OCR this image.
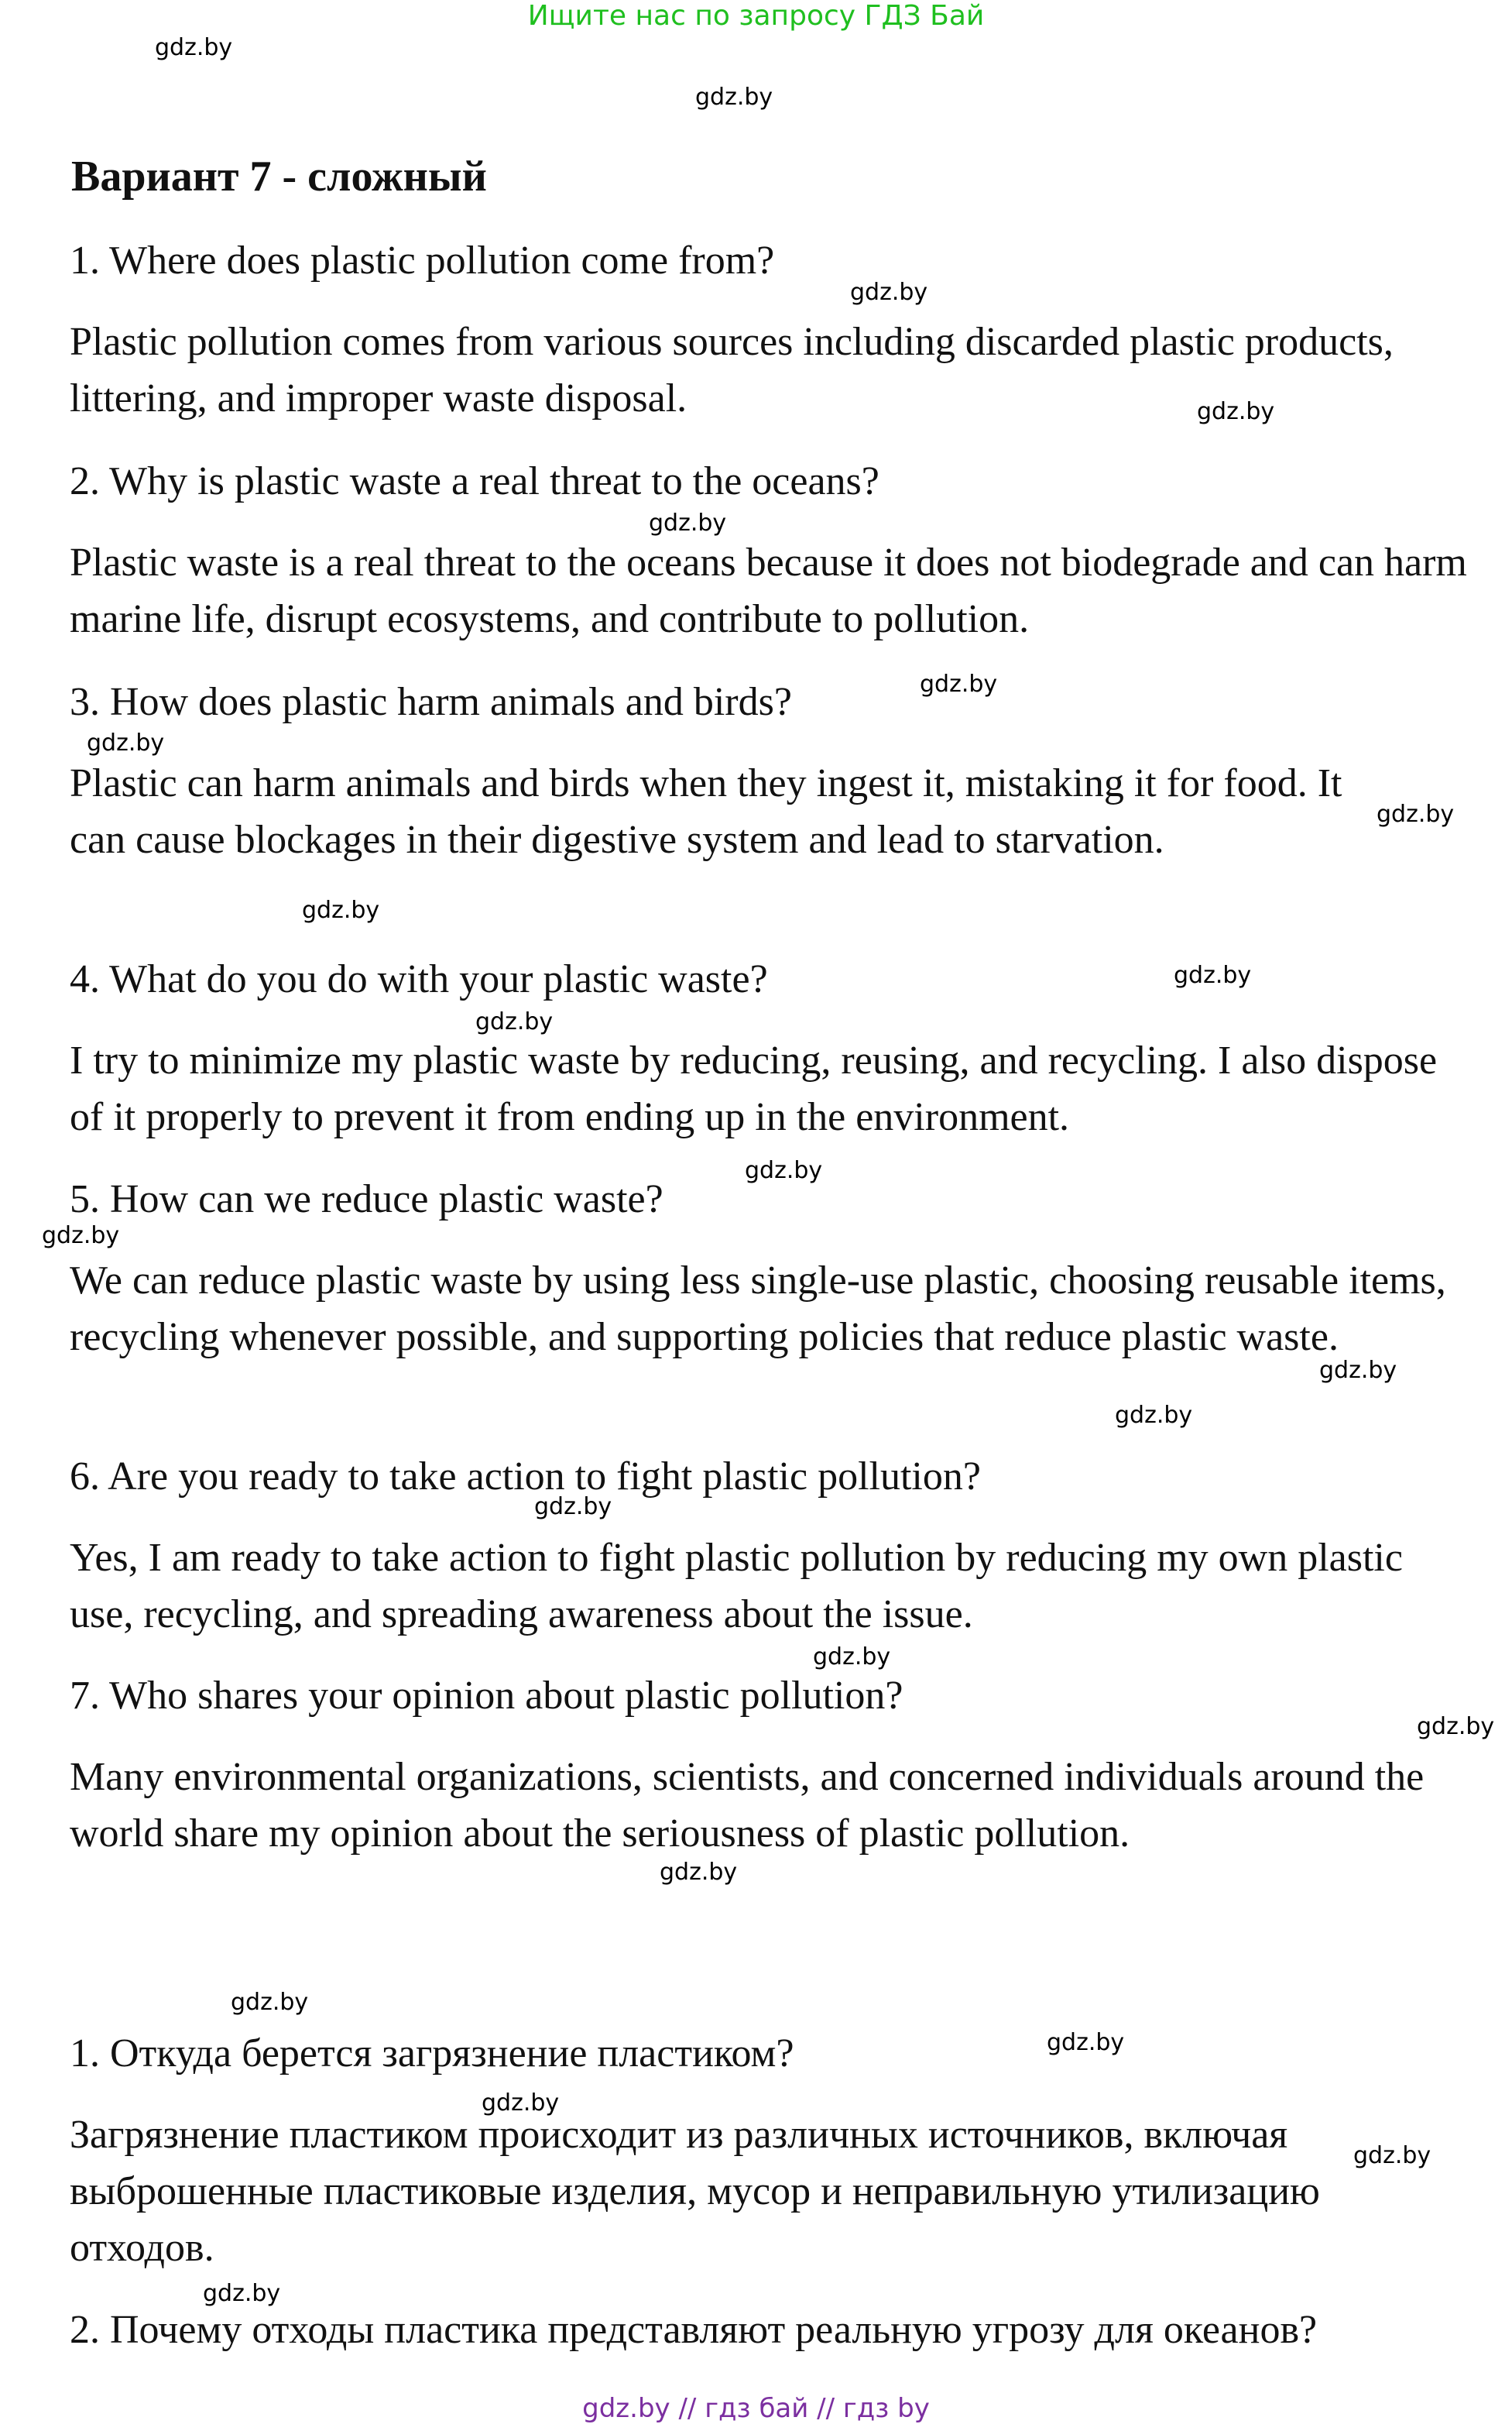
Ищите нас по запросу ГДЗ Бай
Вариант 7 - сложный
1. Where does plastic pollution come from?
Plastic pollution comes from various sources including discarded plastic products, littering, and improper waste disposal.
2. Why is plastic waste a real threat to the oceans?
Plastic waste is a real threat to the oceans because it does not biodegrade and can harm marine life, disrupt ecosystems, and contribute to pollution.
3. How does plastic harm animals and birds?
Plastic can harm animals and birds when they ingest it, mistaking it for food. It can cause blockages in their digestive system and lead to starvation.
4. What do you do with your plastic waste?
I try to minimize my plastic waste by reducing, reusing, and recycling. I also dispose of it properly to prevent it from ending up in the environment.
5. How can we reduce plastic waste?
We can reduce plastic waste by using less single-use plastic, choosing reusable items, recycling whenever possible, and supporting policies that reduce plastic waste.
6. Are you ready to take action to fight plastic pollution?
Yes, I am ready to take action to fight plastic pollution by reducing my own plastic use, recycling, and spreading awareness about the issue.
7. Who shares your opinion about plastic pollution?
Many environmental organizations, scientists, and concerned individuals around the world share my opinion about the seriousness of plastic pollution.
1. Откуда берется загрязнение пластиком?
Загрязнение пластиком происходит из различных источников, включая выброшенные пластиковые изделия, мусор и неправильную утилизацию отходов.
2. Почему отходы пластика представляют реальную угрозу для океанов?
gdz.by
gdz.by
gdz.by
gdz.by
gdz.by
gdz.by
gdz.by
gdz.by
gdz.by
gdz.by
gdz.by
gdz.by
gdz.by
gdz.by
gdz.by
gdz.by
gdz.by
gdz.by
gdz.by
gdz.by
gdz.by
gdz.by
gdz.by
gdz.by
gdz.by // гдз бай // гдз by
